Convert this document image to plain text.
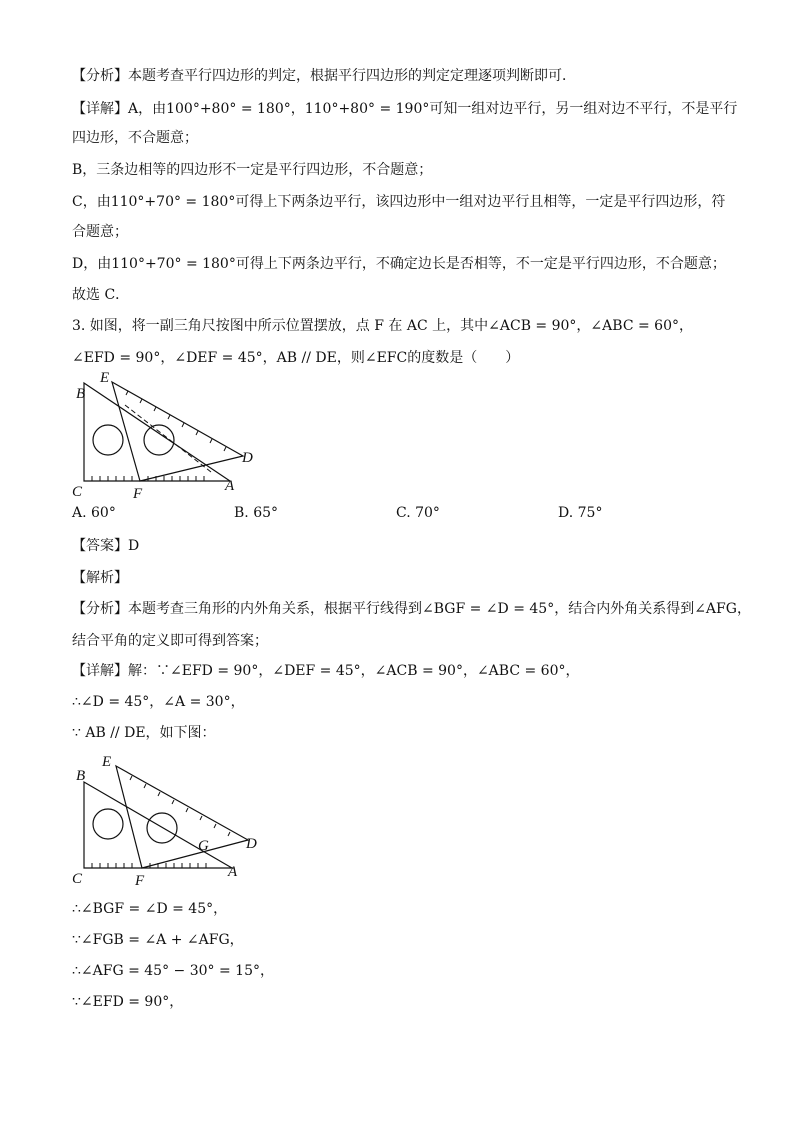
【分析】本题考查平行四边形的判定，根据平行四边形的判定定理逐项判断即可．
【详解】A，由100°+80° = 180°，110°+80° = 190°可知一组对边平行，另一组对边不平行，不是平行
四边形，不合题意；
B，三条边相等的四边形不一定是平行四边形，不合题意；
C，由110°+70° = 180°可得上下两条边平行，该四边形中一组对边平行且相等，一定是平行四边形，符
合题意；
D，由110°+70° = 180°可得上下两条边平行，不确定边长是否相等，不一定是平行四边形，不合题意；
故选 C．
3. 如图，将一副三角尺按图中所示位置摆放，点 F 在 AC 上，其中∠ACB = 90°，∠ABC = 60°，
∠EFD = 90°，∠DEF = 45°，AB // DE，则∠EFC的度数是（　　）
B
E
C	F	A
D
A. 60°	B. 65°	C. 70°	D. 75°
【答案】D
【解析】
【分析】本题考查三角形的内外角关系，根据平行线得到∠BGF = ∠D = 45°，结合内外角关系得到∠AFG，
结合平角的定义即可得到答案；
【详解】解：∵∠EFD = 90°，∠DEF = 45°，∠ACB = 90°，∠ABC = 60°，
∴∠D = 45°，∠A = 30°，
∵ AB // DE，如下图：
B
E
C	F
A
D
G
∴∠BGF = ∠D = 45°，
∵∠FGB = ∠A + ∠AFG，
∴∠AFG = 45° − 30° = 15°，
∵∠EFD = 90°，
